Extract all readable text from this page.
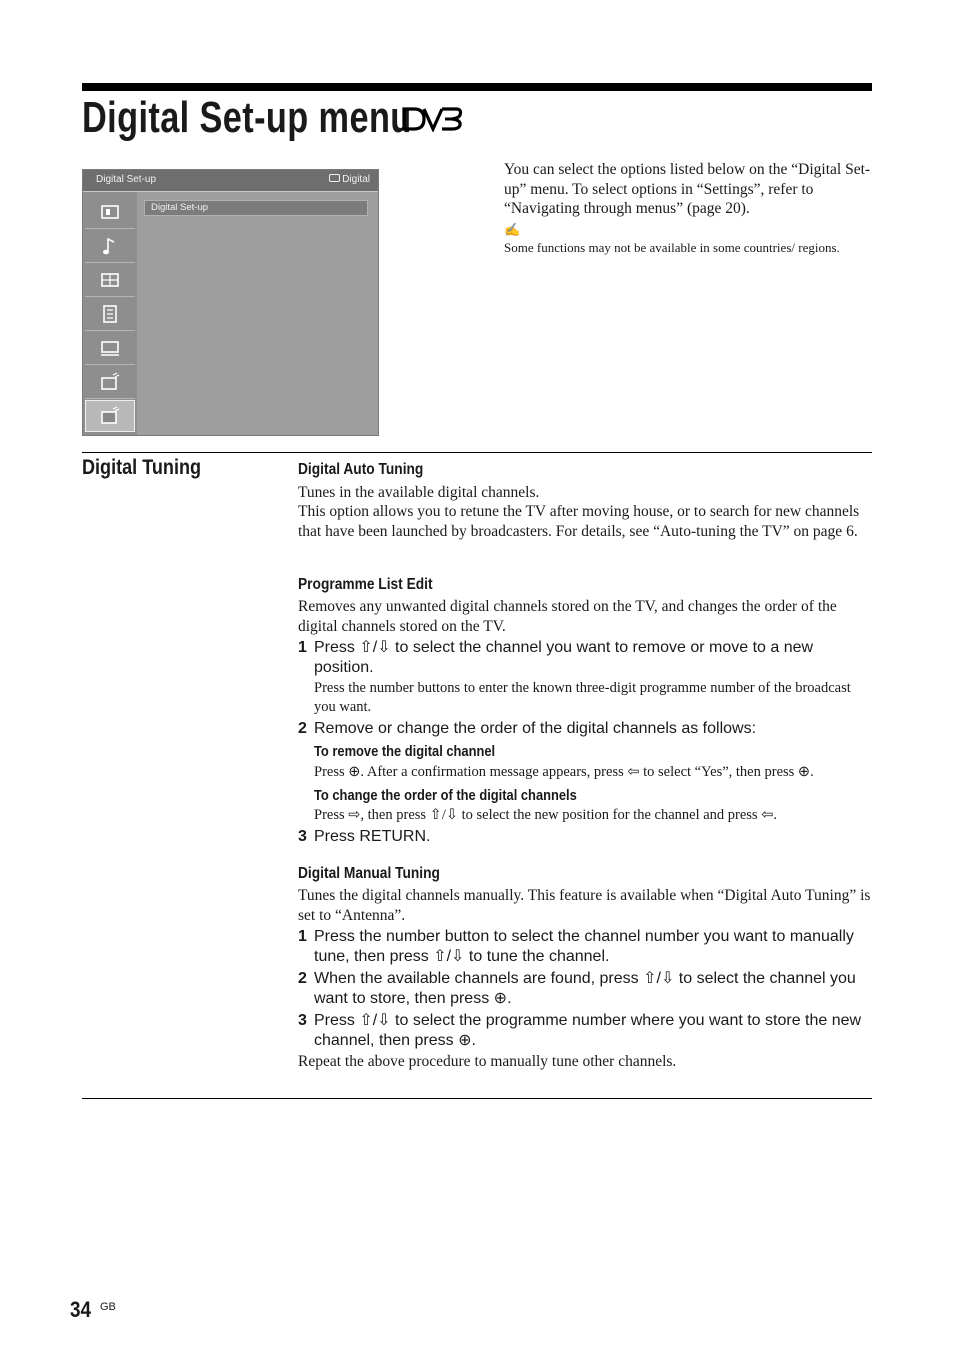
Digital Set-up menu
Digital Set-up	Digital
Digital Set-up
You can select the options listed below on the “Digital Set-up” menu. To select options in “Settings”, refer to “Navigating through menus” (page 20).
✍
Some functions may not be available in some countries/ regions.
Digital Tuning	Digital Auto Tuning
Tunes in the available digital channels.
This option allows you to retune the TV after moving house, or to search for new channels that have been launched by broadcasters. For details, see “Auto-tuning the TV” on page 6.
Programme List Edit
Removes any unwanted digital channels stored on the TV, and changes the order of the digital channels stored on the TV.
1 Press ⇧/⇩ to select the channel you want to remove or move to a new position.
Press the number buttons to enter the known three-digit programme number of the broadcast you want.
2 Remove or change the order of the digital channels as follows:
To remove the digital channel
Press ⊕. After a confirmation message appears, press ⇦ to select “Yes”, then press ⊕.
To change the order of the digital channels
Press ⇨, then press ⇧/⇩ to select the new position for the channel and press ⇦.
3 Press RETURN.
Digital Manual Tuning
Tunes the digital channels manually. This feature is available when “Digital Auto Tuning” is set to “Antenna”.
1 Press the number button to select the channel number you want to manually tune, then press ⇧/⇩ to tune the channel.
2 When the available channels are found, press ⇧/⇩ to select the channel you want to store, then press ⊕.
3 Press ⇧/⇩ to select the programme number where you want to store the new channel, then press ⊕.
Repeat the above procedure to manually tune other channels.
34 GB
